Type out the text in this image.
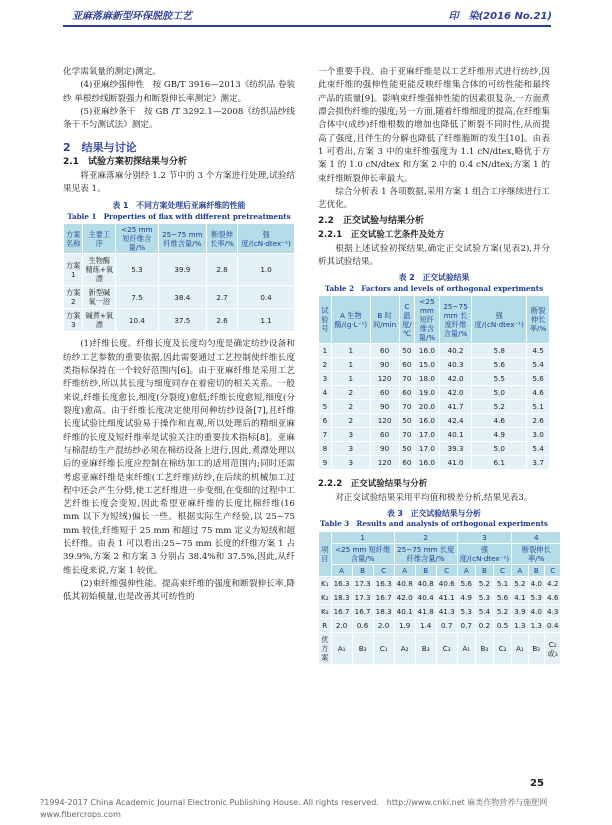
亚麻落麻新型环保脱胶工艺	印　染(2016 No.21)
化学需氧量的测定)测定。
(4)亚麻纱强伸性　按 GB/T 3916—2013《纺织品 卷装纱 单根纱线断裂强力和断裂伸长率测定》测定。
(5)亚麻纱条干　按 GB /T 3292.1—2008《纺织品纱线条干不匀测试法》测定。
2　结果与讨论
2.1　试验方案初探结果与分析
将亚麻落麻分别经 1.2 节中的 3 个方案进行处理,试验结果见表 1。
表 1　不同方案处理后亚麻纤维的性能
Table 1　Properties of flax with different pretreatments
方案名称	主要工序	<25 mm 短纤维含量/%	25~75 mm 纤维含量/%	断裂伸长率/%	强度/(cN·dtex⁻¹)
方案1	生物酶精练+氧漂	5.3	39.9	2.8	1.0
方案2	新型碱氧一浴	7.5	38.4	2.7	0.4
方案3	碱煮+氧漂	10.4	37.5	2.6	1.1
(1)纤维长度。纤维长度及长度均匀度是确定纺纱设备和纺纱工艺参数的重要依据,因此需要通过工艺控制使纤维长度类指标保持在一个较好范围内[6]。由于亚麻纤维是采用工艺纤维纺纱,所以其长度与细度同存在着密切的相关关系。一般来说,纤维长度愈长,细度(分裂度)愈低;纤维长度愈短,细度(分裂度)愈高。由于纤维长度决定使用何种纺纱设备[7],且纤维长度试验比细度试验易于操作和直观,所以处理后的精细亚麻纤维的长度及短纤维率是试验关注的重要技术指标[8]。亚麻与棉混纺生产混纺纱必须在棉纺设备上进行,因此,煮漂处理以后的亚麻纤维长度应控制在棉纺加工的适用范围内;同时还需考虑亚麻纤维是束纤维(工艺纤维)纺纱,在后续的机械加工过程中还会产生分劈,使工艺纤维进一步变细,在变细的过程中工艺纤维长度会变短,因此希望亚麻纤维的长度比棉纤维(16 mm 以下为短绒)偏长一些。根据实际生产经验,以 25~75 mm 较佳,纤维短于 25 mm 和超过 75 mm 定义为短绒和超长纤维。由表 1 可以看出:25~75 mm 长度的纤维方案 1 占 39.9%,方案 2 和方案 3 分别占 38.4%和 37.5%,因此,从纤维长度来说,方案 1 较优。
(2)束纤维强伸性能。提高束纤维的强度和断裂伸长率,降低其初始模量,也是改善其可纺性的
一个重要手段。由于亚麻纤维是以工艺纤维形式进行纺纱,因此束纤维的强伸性能更能反映纤维集合体的可纺性能和最终产品的质量[9]。影响束纤维强伸性能的因素很复杂,一方面煮漂会损伤纤维的强度;另一方面,随着纤维细度的提高,在纤维集合体中(成纱)纤维根数的增加也降低了断裂不同时性,从而提高了强度,且伴生的分解也降低了纤维脆断的发生[10]。由表 1 可看出,方案 3 中的束纤维强度为 1.1 cN/dtex,略优于方案 1 的 1.0 cN/dtex 和方案 2 中的 0.4 cN/dtex;方案 1 的束纤维断裂伸长率最大。
综合分析表 1 各项数据,采用方案 1 组合工序继续进行工艺优化。
2.2　正交试验与结果分析
2.2.1　正交试验工艺条件及处方
根据上述试验初探结果,确定正交试验方案(见表2),并分析其试验结果。
表 2　正交试验结果
Table 2　Factors and levels of orthogonal experiments
试验号	A 生物酶/(g·L⁻¹)	B 时间/min	C 温度/℃	<25 mm 短纤维含量/%	25~75 mm 长度纤维含量/%	强度/(cN·dtex⁻¹)	断裂伸长率/%
1	1	60	50	16.0	40.2	5.8	4.5
2	1	90	60	15.0	40.3	5.6	5.4
3	1	120	70	18.0	42.0	5.5	5.6
4	2	60	60	19.0	42.0	5.0	4.6
5	2	90	70	20.0	41.7	5.2	5.1
6	2	120	50	16.0	42.4	4.6	2.6
7	3	60	70	17.0	40.1	4.9	3.0
8	3	90	50	17.0	39.3	5.0	5.4
9	3	120	60	16.0	41.0	6.1	3.7
2.2.2　正交试验结果与分析
对正交试验结果采用平均值和极差分析,结果见表3。
表 3　正交试验结果与分析
Table 3　Results and analysis of orthogonal experiments
项目	1			2			3			4		
	<25 mm 短纤维含量/%			25~75 mm 长度纤维含量/%			强度/(cN·dtex⁻¹)			断裂伸长率/%		
	A	B	C	A	B	C	A	B	C	A	B	C
K₁	16.3	17.3	16.3	40.8	40.8	40.6	5.6	5.2	5.1	5.2	4.0	4.2
K₂	18.3	17.3	16.7	42.0	40.4	41.1	4.9	5.3	5.6	4.1	5.3	4.6
K₃	16.7	16.7	18.3	40.1	41.8	41.3	5.3	5.4	5.2	3.9	4.0	4.3
R	2.0	0.6	2.0	1.9	1.4	0.7	0.7	0.2	0.5	1.3	1.3	0.4
优方案	A₁	B₃	C₁	A₂	B₃	C₃	A₁	B₃	C₂	A₁	B₂	C₂或₃
25
?1994-2017 China Academic Journal Electronic Publishing House. All rights reserved.　http://www.cnki.net 麻类作物营养与施肥网 www.fibercrops.com
